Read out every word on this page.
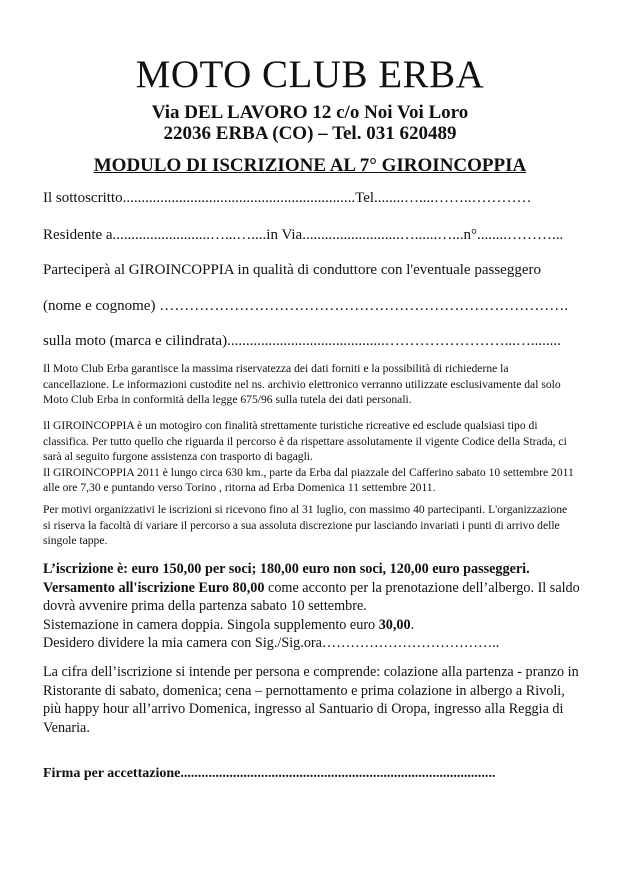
MOTO CLUB ERBA
Via DEL LAVORO 12 c/o Noi Voi Loro
22036 ERBA (CO) – Tel. 031 620489
MODULO DI ISCRIZIONE AL 7° GIROINCOPPIA
Il sottoscritto..............................................................Tel........…....……..…………
Residente a..........................…...…....in Via..........................…......…...n°........………...
Parteciperà al GIROINCOPPIA in qualità di conduttore con l'eventuale passeggero
(nome e cognome) ……………………………………………………………………….
sulla moto (marca e cilindrata)..........................................……………………...…........
Il Moto Club Erba garantisce la massima riservatezza dei dati forniti e la possibilità di richiederne la cancellazione. Le informazioni custodite nel ns. archivio elettronico verranno utilizzate esclusivamente dal solo Moto Club Erba in conformità della legge 675/96 sulla tutela dei dati personali.
Il GIROINCOPPIA è un motogiro con finalità strettamente turistiche ricreative ed esclude qualsiasi tipo di classifica. Per tutto quello che riguarda il percorso è da rispettare assolutamente il vigente Codice della Strada, ci sarà al seguito furgone assistenza con trasporto di bagagli.
Il GIROINCOPPIA 2011 è lungo circa 630 km., parte da Erba dal piazzale del Cafferino sabato 10 settembre 2011 alle ore 7,30 e puntando verso Torino , ritorna ad Erba Domenica 11 settembre 2011.
Per motivi organizzativi le iscrizioni si ricevono fino al 31 luglio, con massimo 40 partecipanti. L'organizzazione si riserva la facoltà di variare il percorso a sua assoluta discrezione pur lasciando invariati i punti di arrivo delle singole tappe.
L’iscrizione è: euro 150,00 per soci; 180,00 euro non soci, 120,00 euro passeggeri.
Versamento all'iscrizione Euro 80,00 come acconto per la prenotazione dell’albergo. Il saldo dovrà avvenire prima della partenza sabato 10 settembre.
Sistemazione in camera doppia. Singola supplemento euro 30,00.
Desidero dividere la mia camera con Sig./Sig.ora………………………………..
La cifra dell’iscrizione si intende per persona e comprende: colazione alla partenza - pranzo in Ristorante di sabato, domenica; cena – pernottamento e prima colazione in albergo a Rivoli, più happy hour all’arrivo Domenica, ingresso al Santuario di Oropa, ingresso alla Reggia di Venaria.
Firma per accettazione..........................................................................................
